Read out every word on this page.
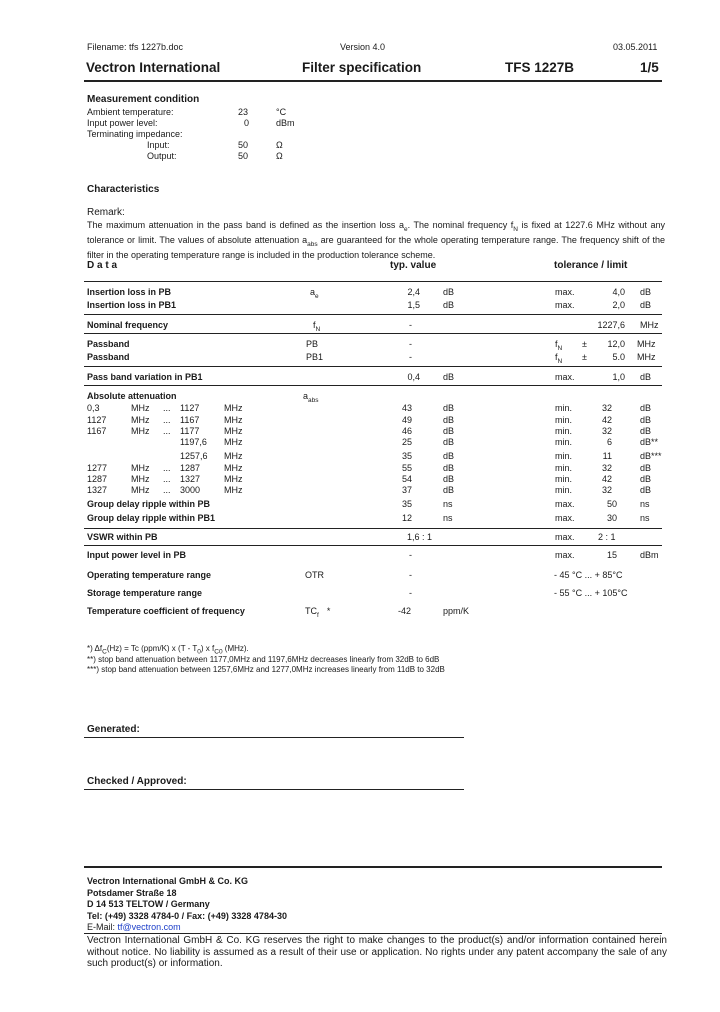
Filename: tfs 1227b.doc	Version 4.0	03.05.2011
Vectron International	Filter specification	TFS 1227B	1/5
Measurement condition
Ambient temperature:	23	°C
Input power level:	0	dBm
Terminating impedance:
Input:	50	Ω
Output:	50	Ω
Characteristics
Remark:
The maximum attenuation in the pass band is defined as the insertion loss $a_e$. The nominal frequency $f_N$ is fixed at 1227.6 MHz without any tolerance or limit. The values of absolute attenuation $a_{abs}$ are guaranteed for the whole operating temperature range. The frequency shift of the filter in the operating temperature range is included in the production tolerance scheme.
D a t a	typ. value	tolerance / limit
Insertion loss in PB	$a_e$	2,4	dB	max.	4,0 dB
Insertion loss in PB1	1,5	dB	max.	2,0 dB
Nominal frequency	$f_N$	-	1227,6 MHz
Passband	PB	-	$f_N$ ±	12,0 MHz
Passband	PB1	-	$f_N$ ±	5.0 MHz
Pass band variation in PB1	0,4	dB	max.	1,0 dB
Absolute attenuation	$a_{abs}$
0,3	MHz ... 1127	MHz	43	dB	min.	32	dB
1127	MHz ... 1167	MHz	49	dB	min.	42	dB
1167	MHz ... 1177	MHz	46	dB	min.	32	dB
1197,6 MHz	25	dB	min.	6	dB**
1257,6 MHz	35	dB	min.	11	dB***
1277	MHz ... 1287	MHz	55	dB	min.	32	dB
1287	MHz ... 1327	MHz	54	dB	min.	42	dB
1327	MHz ... 3000	MHz	37	dB	min.	32	dB
Group delay ripple within PB	35	ns	max.	50	ns
Group delay ripple within PB1	12	ns	max.	30	ns
VSWR within PB	1,6 : 1	max.	2 : 1
Input power level in PB	-	max.	15	dBm
Operating temperature range	OTR	-	- 45 °C ... + 85°C
Storage temperature range	-	- 55 °C ... + 105°C
Temperature coefficient of frequency	$TC_f$ *	-42	ppm/K
*) $\Delta f_C(Hz) = Tc$ (ppm/K) x $(T - T_0)$ x $f_{C0}$ (MHz).
**) stop band attenuation between 1177,0MHz and 1197,6MHz decreases linearly from 32dB to 6dB
***) stop band attenuation between 1257,6MHz and 1277,0MHz increases linearly from 11dB to 32dB
Generated:
Checked / Approved:
Vectron International GmbH & Co. KG
Potsdamer Straße 18
D 14 513 TELTOW / Germany
Tel: (+49) 3328 4784-0 / Fax: (+49) 3328 4784-30
E-Mail: tf@vectron.com
Vectron International GmbH & Co. KG reserves the right to make changes to the product(s) and/or information contained herein without notice. No liability is assumed as a result of their use or application. No rights under any patent accompany the sale of any such product(s) or information.
